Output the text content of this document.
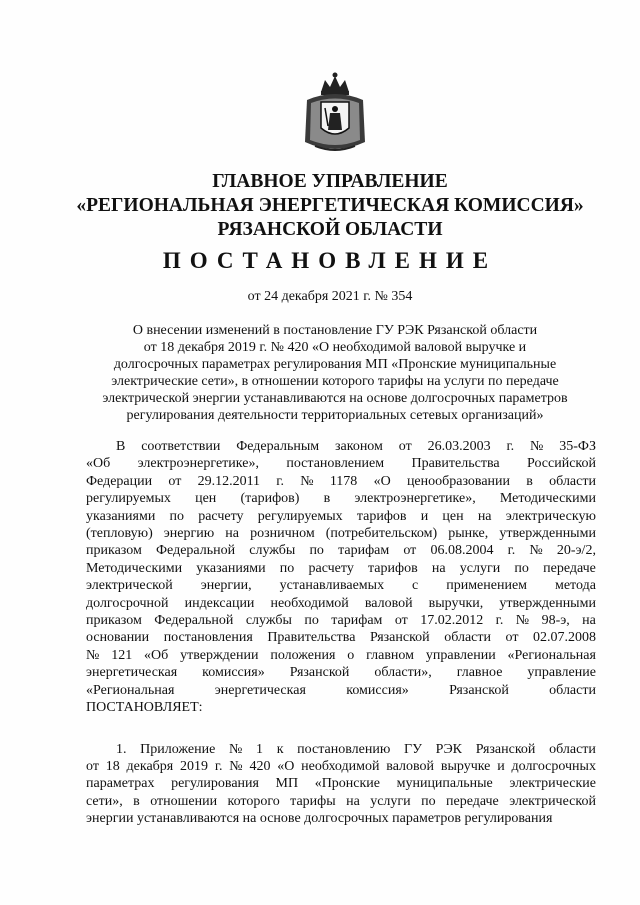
ГЛАВНОЕ УПРАВЛЕНИЕ
«РЕГИОНАЛЬНАЯ ЭНЕРГЕТИЧЕСКАЯ КОМИССИЯ»
РЯЗАНСКОЙ ОБЛАСТИ
ПОСТАНОВЛЕНИЕ
от 24 декабря 2021 г. № 354
О внесении изменений в постановление ГУ РЭК Рязанской области
от 18 декабря 2019 г. № 420 «О необходимой валовой выручке и
долгосрочных параметрах регулирования МП «Пронские муниципальные
электрические сети», в отношении которого тарифы на услуги по передаче
электрической энергии устанавливаются на основе долгосрочных параметров
регулирования деятельности территориальных сетевых организаций»
В соответствии Федеральным законом от 26.03.2003 г. № 35-ФЗ
«Об электроэнергетике», постановлением Правительства Российской
Федерации от 29.12.2011 г. № 1178 «О ценообразовании в области
регулируемых цен (тарифов) в электроэнергетике», Методическими
указаниями по расчету регулируемых тарифов и цен на электрическую
(тепловую) энергию на розничном (потребительском) рынке, утвержденными
приказом Федеральной службы по тарифам от 06.08.2004 г. № 20-э/2,
Методическими указаниями по расчету тарифов на услуги по передаче
электрической энергии, устанавливаемых с применением метода
долгосрочной индексации необходимой валовой выручки, утвержденными
приказом Федеральной службы по тарифам от 17.02.2012 г. № 98-э, на
основании постановления Правительства Рязанской области от 02.07.2008
№ 121 «Об утверждении положения о главном управлении «Региональная
энергетическая комиссия» Рязанской области», главное управление
«Региональная	энергетическая	комиссия»	Рязанской	области
ПОСТАНОВЛЯЕТ:
1. Приложение № 1 к постановлению ГУ РЭК Рязанской области
от 18 декабря 2019 г. № 420 «О необходимой валовой выручке и долгосрочных
параметрах регулирования МП «Пронские муниципальные электрические
сети», в отношении которого тарифы на услуги по передаче электрической
энергии устанавливаются на основе долгосрочных параметров регулирования
